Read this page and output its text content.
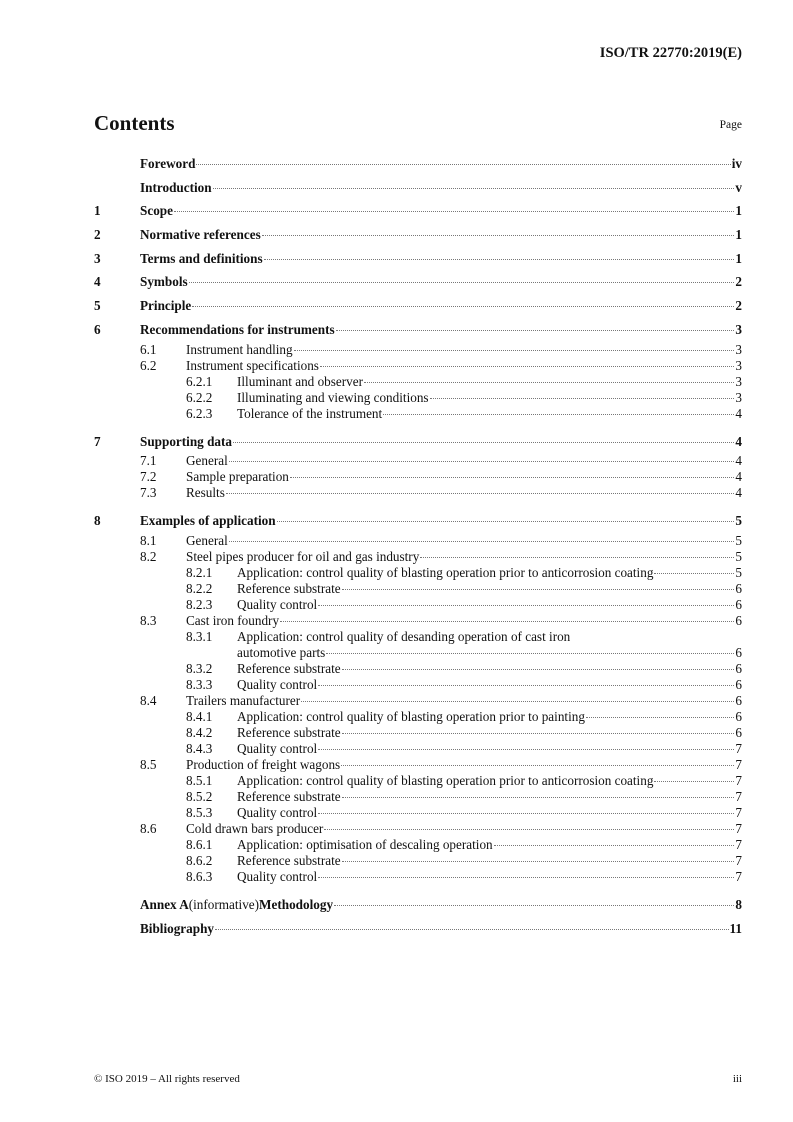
ISO/TR 22770:2019(E)
Contents	Page
Foreword	iv
Introduction	v
1	Scope	1
2	Normative references	1
3	Terms and definitions	1
4	Symbols	2
5	Principle	2
6	Recommendations for instruments	3
6.1	Instrument handling	3
6.2	Instrument specifications	3
6.2.1	Illuminant and observer	3
6.2.2	Illuminating and viewing conditions	3
6.2.3	Tolerance of the instrument	4
7	Supporting data	4
7.1	General	4
7.2	Sample preparation	4
7.3	Results	4
8	Examples of application	5
8.1	General	5
8.2	Steel pipes producer for oil and gas industry	5
8.2.1	Application: control quality of blasting operation prior to anticorrosion coating	5
8.2.2	Reference substrate	6
8.2.3	Quality control	6
8.3	Cast iron foundry	6
8.3.1	Application: control quality of desanding operation of cast iron
automotive parts	6
8.3.2	Reference substrate	6
8.3.3	Quality control	6
8.4	Trailers manufacturer	6
8.4.1	Application: control quality of blasting operation prior to painting	6
8.4.2	Reference substrate	6
8.4.3	Quality control	7
8.5	Production of freight wagons	7
8.5.1	Application: control quality of blasting operation prior to anticorrosion coating	7
8.5.2	Reference substrate	7
8.5.3	Quality control	7
8.6	Cold drawn bars producer	7
8.6.1	Application: optimisation of descaling operation	7
8.6.2	Reference substrate	7
8.6.3	Quality control	7
Annex A (informative) Methodology	8
Bibliography	11
© ISO 2019 – All rights reserved	iii
